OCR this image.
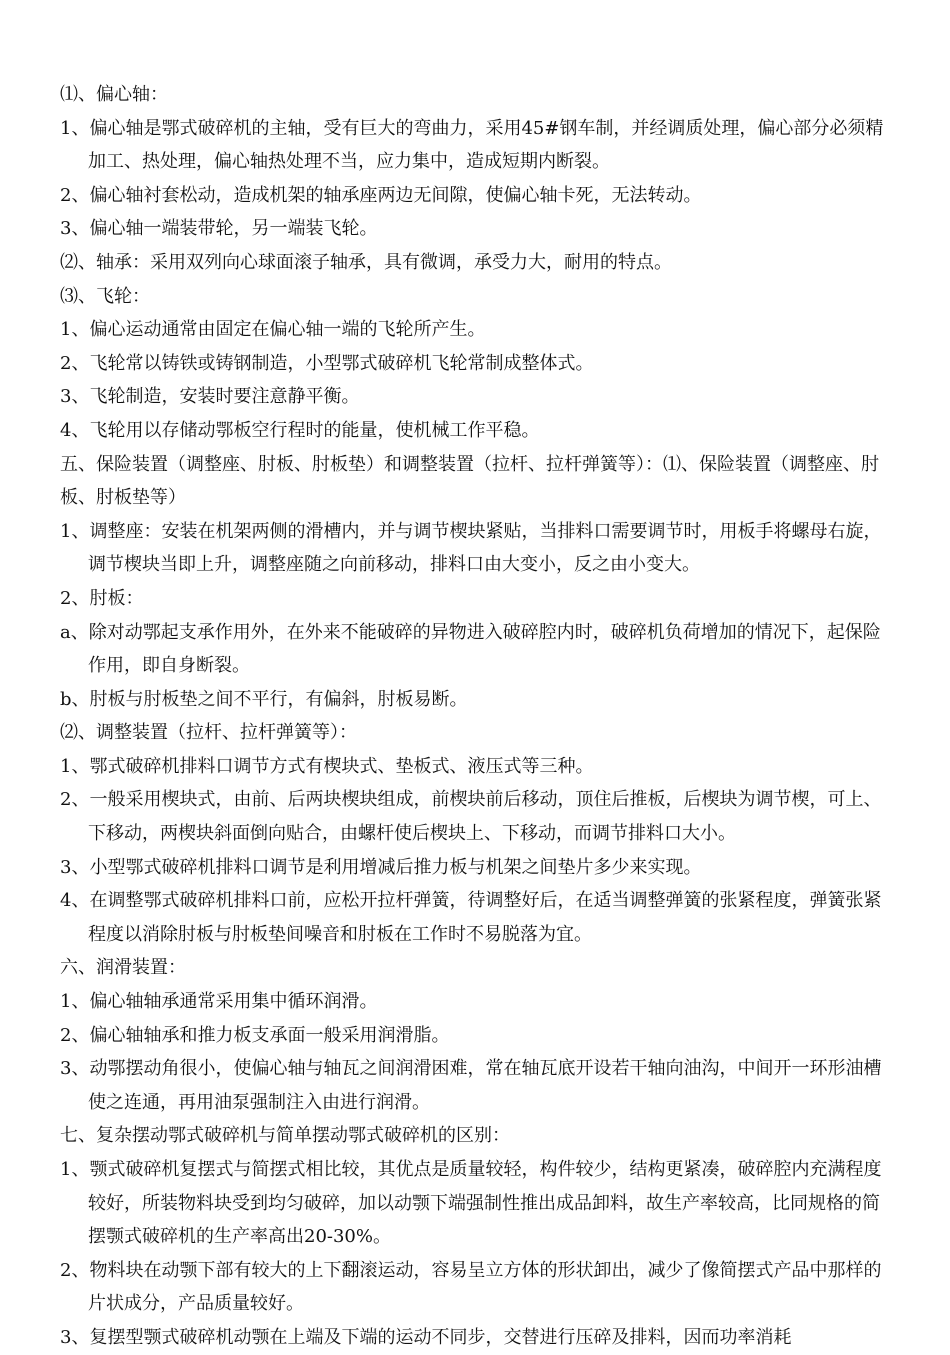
⑴、偏心轴：

1、偏心轴是鄂式破碎机的主轴，受有巨大的弯曲力，采用45#钢车制，并经调质处理，偏心部分必须精加工、热处理，偏心轴热处理不当，应力集中，造成短期内断裂。

2、偏心轴衬套松动，造成机架的轴承座两边无间隙，使偏心轴卡死，无法转动。

3、偏心轴一端装带轮，另一端装飞轮。

⑵、轴承：采用双列向心球面滚子轴承，具有微调，承受力大，耐用的特点。

⑶、飞轮：

1、偏心运动通常由固定在偏心轴一端的飞轮所产生。

2、飞轮常以铸铁或铸钢制造，小型鄂式破碎机飞轮常制成整体式。

3、飞轮制造，安装时要注意静平衡。

4、飞轮用以存储动鄂板空行程时的能量，使机械工作平稳。

五、保险装置（调整座、肘板、肘板垫）和调整装置（拉杆、拉杆弹簧等）：⑴、保险装置（调整座、肘板、肘板垫等）

1、调整座：安装在机架两侧的滑槽内，并与调节楔块紧贴，当排料口需要调节时，用板手将螺母右旋，调节楔块当即上升，调整座随之向前移动，排料口由大变小，反之由小变大。

2、肘板：

a、除对动鄂起支承作用外，在外来不能破碎的异物进入破碎腔内时，破碎机负荷增加的情况下，起保险作用，即自身断裂。

b、肘板与肘板垫之间不平行，有偏斜，肘板易断。

⑵、调整装置（拉杆、拉杆弹簧等）：

1、鄂式破碎机排料口调节方式有楔块式、垫板式、液压式等三种。

2、一般采用楔块式，由前、后两块楔块组成，前楔块前后移动，顶住后推板，后楔块为调节楔，可上、下移动，两楔块斜面倒向贴合，由螺杆使后楔块上、下移动，而调节排料口大小。

3、小型鄂式破碎机排料口调节是利用增减后推力板与机架之间垫片多少来实现。

4、在调整鄂式破碎机排料口前，应松开拉杆弹簧，待调整好后，在适当调整弹簧的张紧程度，弹簧张紧程度以消除肘板与肘板垫间噪音和肘板在工作时不易脱落为宜。

六、润滑装置：

1、偏心轴轴承通常采用集中循环润滑。

2、偏心轴轴承和推力板支承面一般采用润滑脂。

3、动鄂摆动角很小，使偏心轴与轴瓦之间润滑困难，常在轴瓦底开设若干轴向油沟，中间开一环形油槽使之连通，再用油泵强制注入由进行润滑。

七、复杂摆动鄂式破碎机与简单摆动鄂式破碎机的区别：

1、颚式破碎机复摆式与简摆式相比较，其优点是质量较轻，构件较少，结构更紧凑，破碎腔内充满程度较好，所装物料块受到均匀破碎，加以动颚下端强制性推出成品卸料，故生产率较高，比同规格的简摆颚式破碎机的生产率高出20-30%。

2、物料块在动颚下部有较大的上下翻滚运动，容易呈立方体的形状卸出，减少了像简摆式产品中那样的片状成分，产品质量较好。

3、复摆型颚式破碎机动颚在上端及下端的运动不同步，交替进行压碎及排料，因而功率消耗
